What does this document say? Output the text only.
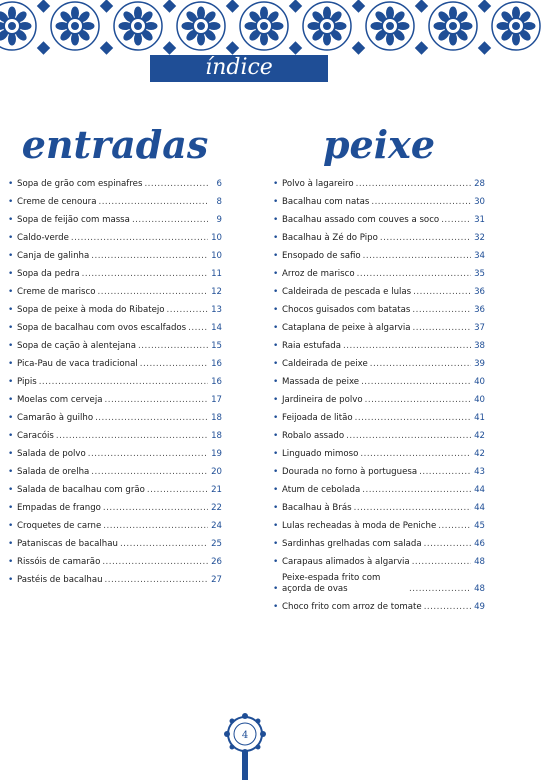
índice
entradas
• Sopa de grão com espinafres .....	6
• Creme de cenoura .....	8
• Sopa de feijão com massa .....	9
• Caldo-verde .....	10
• Canja de galinha .....	10
• Sopa da pedra .....	11
• Creme de marisco .....	12
• Sopa de peixe à moda do Ribatejo .....	13
• Sopa de bacalhau com ovos escalfados .....	14
• Sopa de cação à alentejana .....	15
• Pica-Pau de vaca tradicional .....	16
• Pipis .....	16
• Moelas com cerveja .....	17
• Camarão à guilho .....	18
• Caracóis .....	18
• Salada de polvo .....	19
• Salada de orelha .....	20
• Salada de bacalhau com grão .....	21
• Empadas de frango .....	22
• Croquetes de carne .....	24
• Pataniscas de bacalhau .....	25
• Rissóis de camarão .....	26
• Pastéis de bacalhau .....	27
peixe
• Polvo à lagareiro .....	28
• Bacalhau com natas .....	30
• Bacalhau assado com couves a soco .....	31
• Bacalhau à Zé do Pipo .....	32
• Ensopado de safio .....	34
• Arroz de marisco .....	35
• Caldeirada de pescada e lulas .....	36
• Chocos guisados com batatas .....	36
• Cataplana de peixe à algarvia .....	37
• Raia estufada .....	38
• Caldeirada de peixe .....	39
• Massada de peixe .....	40
• Jardineira de polvo .....	40
• Feijoada de litão .....	41
• Robalo assado .....	42
• Linguado mimoso .....	42
• Dourada no forno à portuguesa .....	43
• Atum de cebolada .....	44
• Bacalhau à Brás .....	44
• Lulas recheadas à moda de Peniche .....	45
• Sardinhas grelhadas com salada .....	46
• Carapaus alimados à algarvia .....	48
•
Peixe-espada frito com açorda de ovas .....	48
• Choco frito com arroz de tomate .....	49
4
